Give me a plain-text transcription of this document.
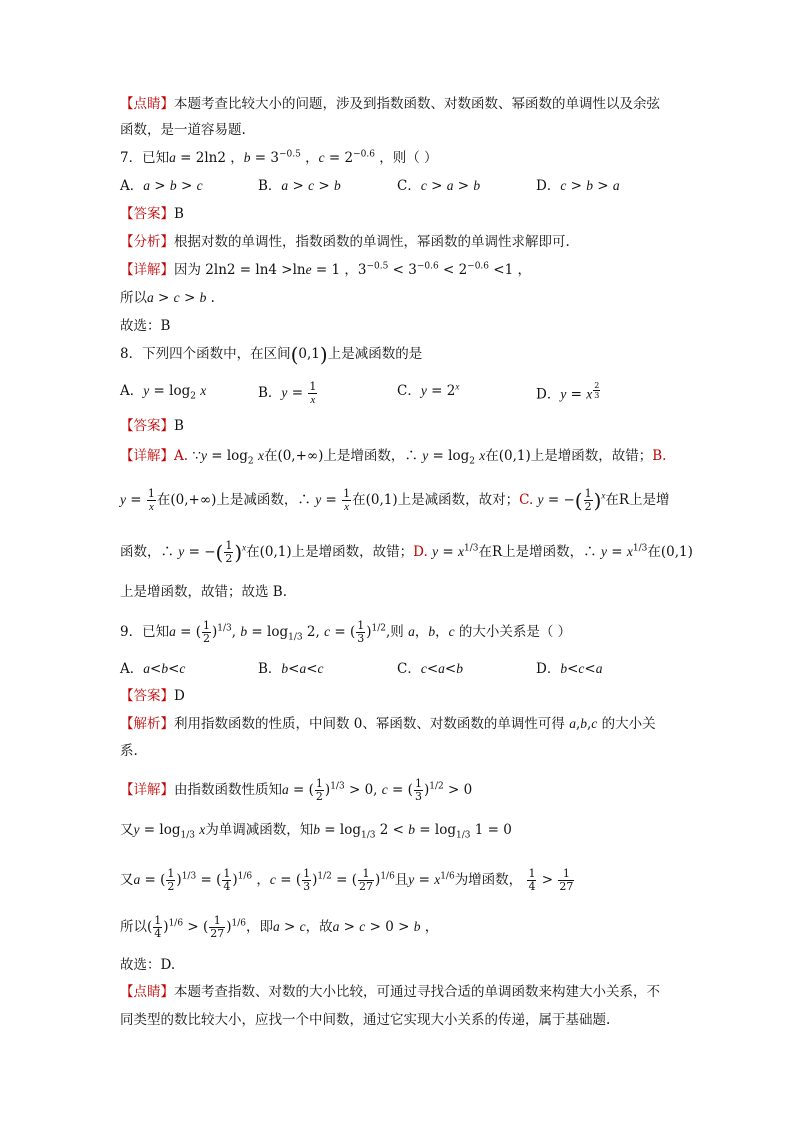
【点睛】本题考查比较大小的问题，涉及到指数函数、对数函数、幂函数的单调性以及余弦
函数，是一道容易题.
7．已知a = 2ln2 ，$b = 3^{-0.5}$ ，$c = 2^{-0.6}$ ，则（ ）
A．a > b > c	B．a > c > b	C．c > a > b	D．c > b > a
【答案】B
【分析】根据对数的单调性，指数函数的单调性，幂函数的单调性求解即可.
【详解】因为 2ln2 = ln4 >lne = 1 ，$3^{-0.5} < 3^{-0.6} < 2^{-0.6} <1$ ，
所以a > c > b .
故选：B
8．下列四个函数中，在区间(0,1)上是减函数的是
A．$y = \log_2 x$	B．$y = \frac{1}{x}$	C．$y = 2^x$	D．y = x $^{\frac{2}{3}}$
【答案】B
【详解】A. ∵y = $\log_2 x$在(0,+∞)上是增函数，∴ $y = \log_2 x$在(0,1)上是增函数，故错；B.
$y = \frac{1}{x}$ 在(0,+∞)上是减函数，∴ $y = \frac{1}{x}$ 在(0,1)上是减函数，故对；C. y = −( $\frac{1}{2} )^x$在R上是增
函数，∴ y = −( $\frac{1}{2} )^x$在(0,1)上是增函数，故错；D. $y = x^{1/3}$在R上是增函数，∴ $y = x^{1/3}$在(0,1)
上是增函数，故错；故选 B.
9．已知a = ( $\frac{1}{2} )^{1/3}$, $b = \log_{1/3} 2$, c = ( $\frac{1}{3} )^{1/2}$,则 a，b，c 的大小关系是（ ）
A．a<b<c	B．b<a<c	C．c<a<b	D．b<c<a
【答案】D
【解析】利用指数函数的性质，中间数 0、幂函数、对数函数的单调性可得 a,b,c 的大小关
系.
【详解】由指数函数性质知a = ( $\frac{1}{2} )^{1/3} > 0$, c = ( $\frac{1}{3} )^{1/2} > 0$
又$y = \log_{1/3} x$为单调减函数，知$b = \log_{1/3} 2 < b = \log_{1/3} 1 = 0$
又a = ( $\frac{1}{2} )^{1/3}$ = ( $\frac{1}{4} )^{1/6}$ ，c = ( $\frac{1}{3} )^{1/2}$ = ( $\frac{1}{27} )^{1/6}$且$y = x^{1/6}$为增函数， $\frac{1}{4} > \frac{1}{27}$
所以( $\frac{1}{4} )^{1/6}$ > ( $\frac{1}{27} )^{1/6}$，即a > c，故a > c > 0 > b ，
故选：D.
【点睛】本题考查指数、对数的大小比较，可通过寻找合适的单调函数来构建大小关系，不
同类型的数比较大小，应找一个中间数，通过它实现大小关系的传递，属于基础题.
